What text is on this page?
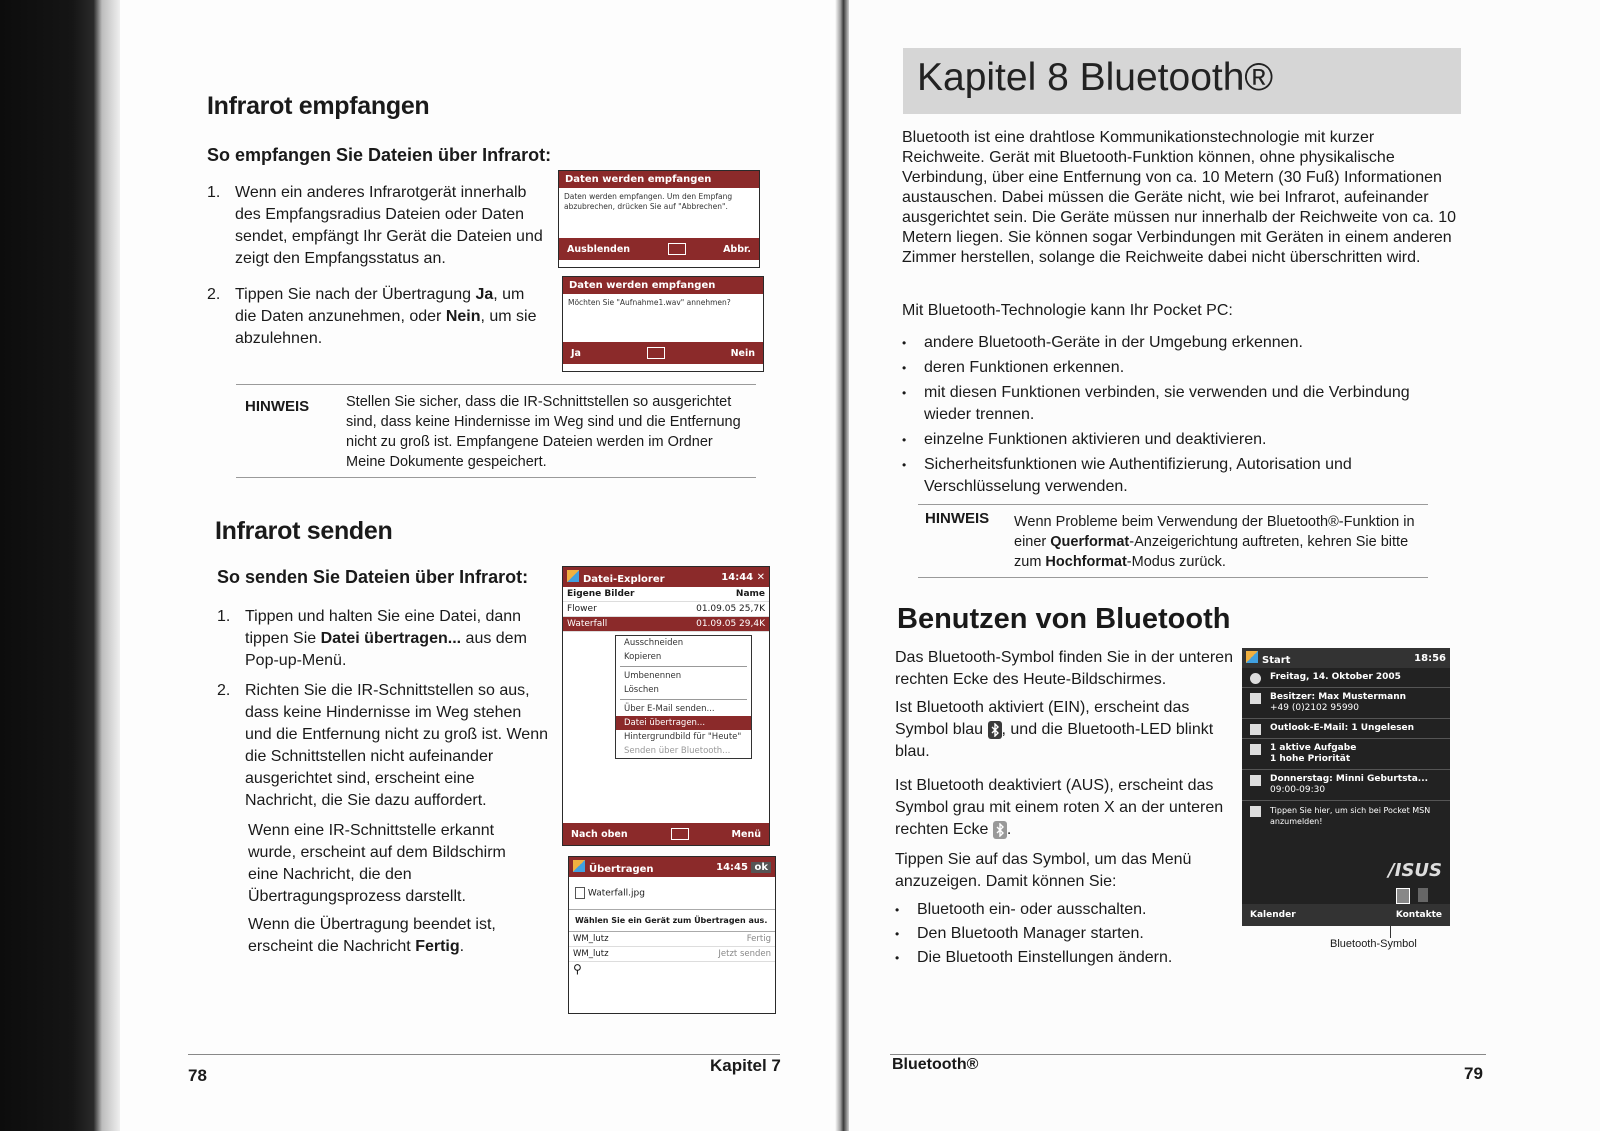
Infrarot empfangen
So empfangen Sie Dateien über Infrarot:
1. Wenn ein anderes Infrarotgerät innerhalb des Empfangsradius Dateien oder Daten sendet, empfängt Ihr Gerät die Dateien und zeigt den Empfangsstatus an.
2. Tippen Sie nach der Übertragung Ja, um die Daten anzunehmen, oder Nein, um sie abzulehnen.
Daten werden empfangen
Daten werden empfangen. Um den Empfang abzubrechen, drücken Sie auf "Abbrechen".
Ausblenden	Abbr.
Daten werden empfangen
Möchten Sie "Aufnahme1.wav" annehmen?
Ja	Nein
HINWEIS	Stellen Sie sicher, dass die IR-Schnittstellen so ausgerichtet sind, dass keine Hindernisse im Weg sind und die Entfernung nicht zu groß ist. Empfangene Dateien werden im Ordner Meine Dokumente gespeichert.
Infrarot senden
So senden Sie Dateien über Infrarot:
1. Tippen und halten Sie eine Datei, dann tippen Sie Datei übertragen... aus dem Pop-up-Menü.
2. Richten Sie die IR-Schnittstellen so aus, dass keine Hindernisse im Weg stehen und die Entfernung nicht zu groß ist. Wenn die Schnittstellen nicht aufeinander ausgerichtet sind, erscheint eine Nachricht, die Sie dazu auffordert.
Wenn eine IR-Schnittstelle erkannt wurde, erscheint auf dem Bildschirm eine Nachricht, die den Übertragungsprozess darstellt.
Wenn die Übertragung beendet ist, erscheint die Nachricht Fertig.
Datei-Explorer	14:44 ✕
Eigene Bilder	Name
Flower	01.09.05 25,7K
Waterfall	01.09.05 29,4K
Ausschneiden
Kopieren
Umbenennen
Löschen
Über E-Mail senden...
Datei übertragen...
Hintergrundbild für "Heute"
Senden über Bluetooth...
Nach oben	Menü
Übertragen	14:45 ok
Waterfall.jpg
Wählen Sie ein Gerät zum Übertragen aus.
WM_lutz	Fertig
WM_lutz	Jetzt senden
⚲
78
Kapitel 7
Kapitel 8 Bluetooth®
Bluetooth ist eine drahtlose Kommunikationstechnologie mit kurzer Reichweite. Gerät mit Bluetooth-Funktion können, ohne physikalische Verbindung, über eine Entfernung von ca. 10 Metern (30 Fuß) Informationen austauschen. Dabei müssen die Geräte nicht, wie bei Infrarot, aufeinander ausgerichtet sein. Die Geräte müssen nur innerhalb der Reichweite von ca. 10 Metern liegen. Sie können sogar Verbindungen mit Geräten in einem anderen Zimmer herstellen, solange die Reichweite dabei nicht überschritten wird.
Mit Bluetooth-Technologie kann Ihr Pocket PC:
• andere Bluetooth-Geräte in der Umgebung erkennen.
• deren Funktionen erkennen.
• mit diesen Funktionen verbinden, sie verwenden und die Verbindung wieder trennen.
• einzelne Funktionen aktivieren und deaktivieren.
• Sicherheitsfunktionen wie Authentifizierung, Autorisation und Verschlüsselung verwenden.
HINWEIS Wenn Probleme beim Verwendung der Bluetooth®-Funktion in einer Querformat-Anzeigerichtung auftreten, kehren Sie bitte zum Hochformat-Modus zurück.
Benutzen von Bluetooth
Das Bluetooth-Symbol finden Sie in der unteren rechten Ecke des Heute-Bildschirmes.
Ist Bluetooth aktiviert (EIN), erscheint das Symbol blau
, und die Bluetooth-LED blinkt blau.
Ist Bluetooth deaktiviert (AUS), erscheint das Symbol grau mit einem roten X an der unteren rechten Ecke
.
Tippen Sie auf das Symbol, um das Menü anzuzeigen. Damit können Sie:
• Bluetooth ein- oder ausschalten.
• Den Bluetooth Manager starten.
• Die Bluetooth Einstellungen ändern.
Start	18:56
Freitag, 14. Oktober 2005
Besitzer: Max Mustermann
+49 (0)2102 95990
Outlook-E-Mail: 1 Ungelesen
1 aktive Aufgabe
1 hohe Priorität
Donnerstag: Minni Geburtsta...
09:00-09:30
Tippen Sie hier, um sich bei Pocket MSN
anzumelden!
/ISUS
Kalender	Kontakte
Bluetooth-Symbol
Bluetooth®	79
